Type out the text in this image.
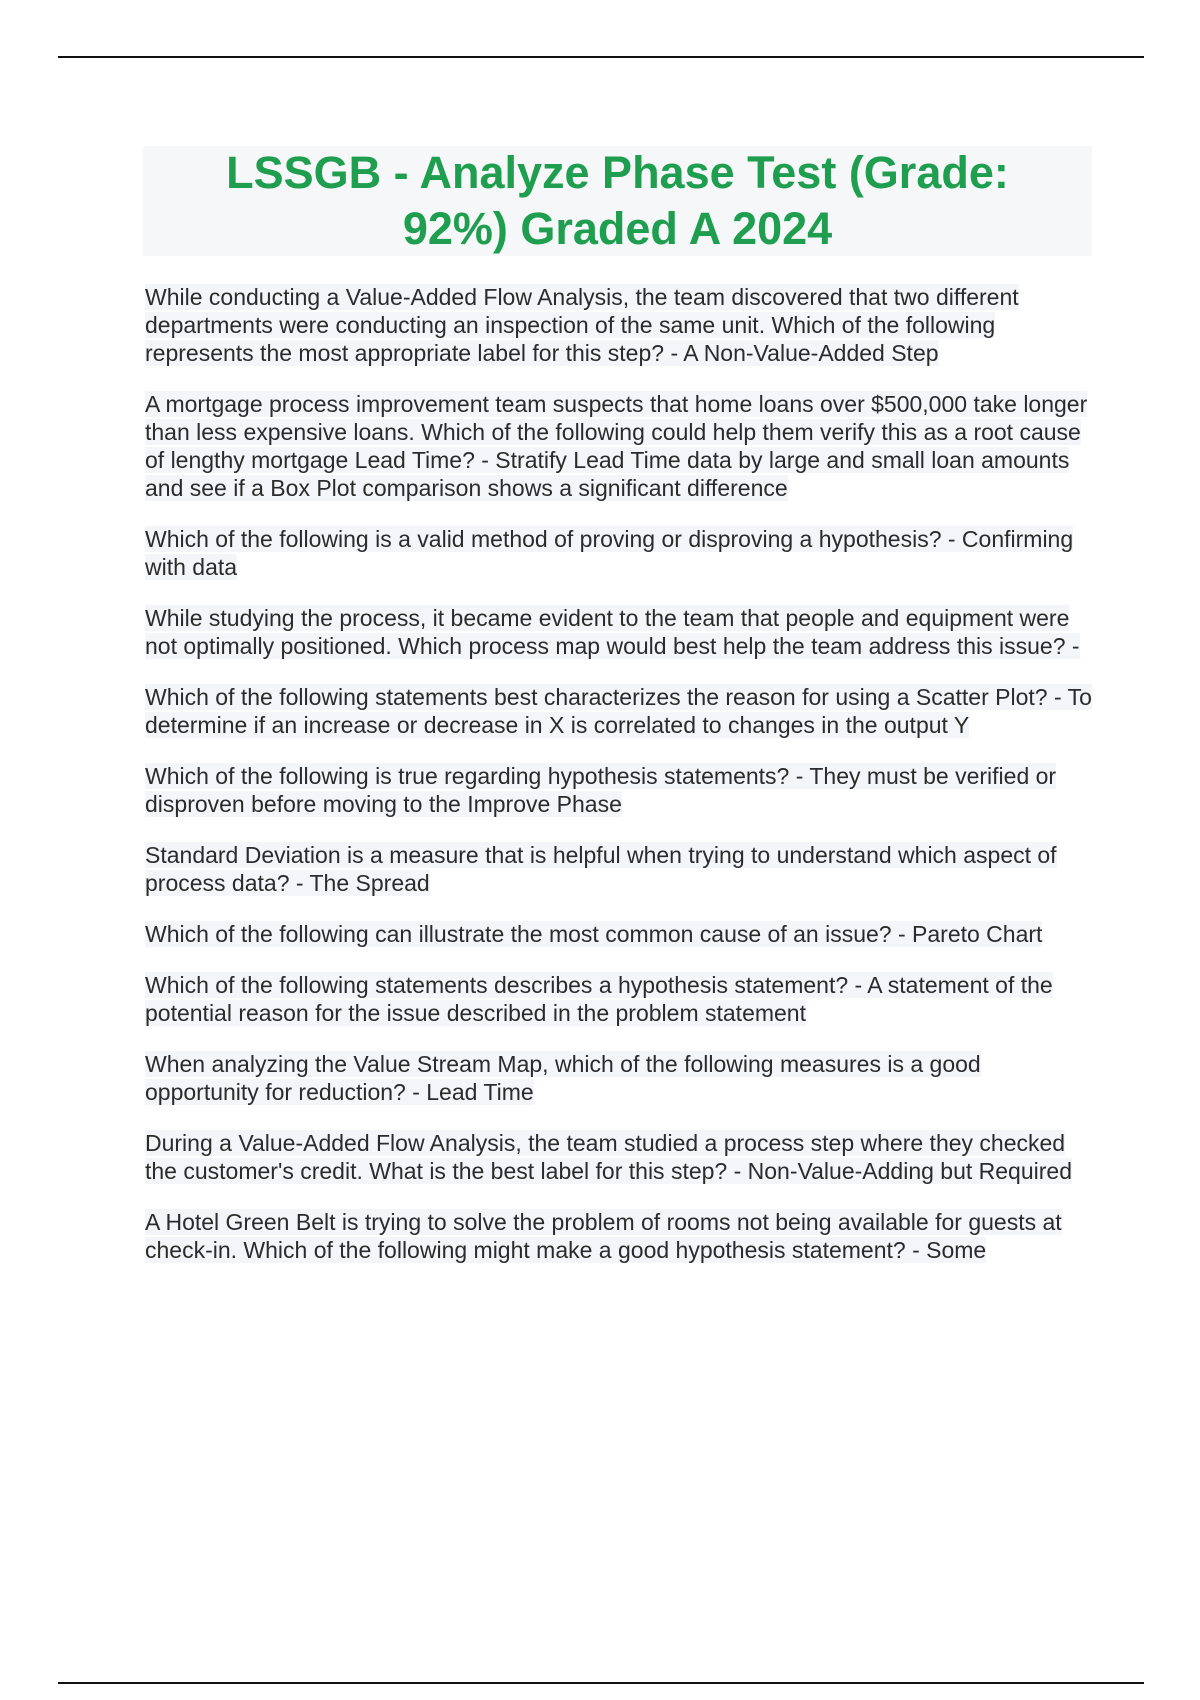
LSSGB - Analyze Phase Test (Grade: 92%) Graded A 2024

While conducting a Value-Added Flow Analysis, the team discovered that two different departments were conducting an inspection of the same unit. Which of the following represents the most appropriate label for this step? - A Non-Value-Added Step

A mortgage process improvement team suspects that home loans over $500,000 take longer than less expensive loans. Which of the following could help them verify this as a root cause of lengthy mortgage Lead Time? - Stratify Lead Time data by large and small loan amounts and see if a Box Plot comparison shows a significant difference

Which of the following is a valid method of proving or disproving a hypothesis? - Confirming with data

While studying the process, it became evident to the team that people and equipment were not optimally positioned. Which process map would best help the team address this issue? -

Which of the following statements best characterizes the reason for using a Scatter Plot? - To determine if an increase or decrease in X is correlated to changes in the output Y

Which of the following is true regarding hypothesis statements? - They must be verified or disproven before moving to the Improve Phase

Standard Deviation is a measure that is helpful when trying to understand which aspect of process data? - The Spread

Which of the following can illustrate the most common cause of an issue? - Pareto Chart

Which of the following statements describes a hypothesis statement? - A statement of the potential reason for the issue described in the problem statement

When analyzing the Value Stream Map, which of the following measures is a good opportunity for reduction? - Lead Time

During a Value-Added Flow Analysis, the team studied a process step where they checked the customer's credit. What is the best label for this step? - Non-Value-Adding but Required

A Hotel Green Belt is trying to solve the problem of rooms not being available for guests at check-in. Which of the following might make a good hypothesis statement? - Some
